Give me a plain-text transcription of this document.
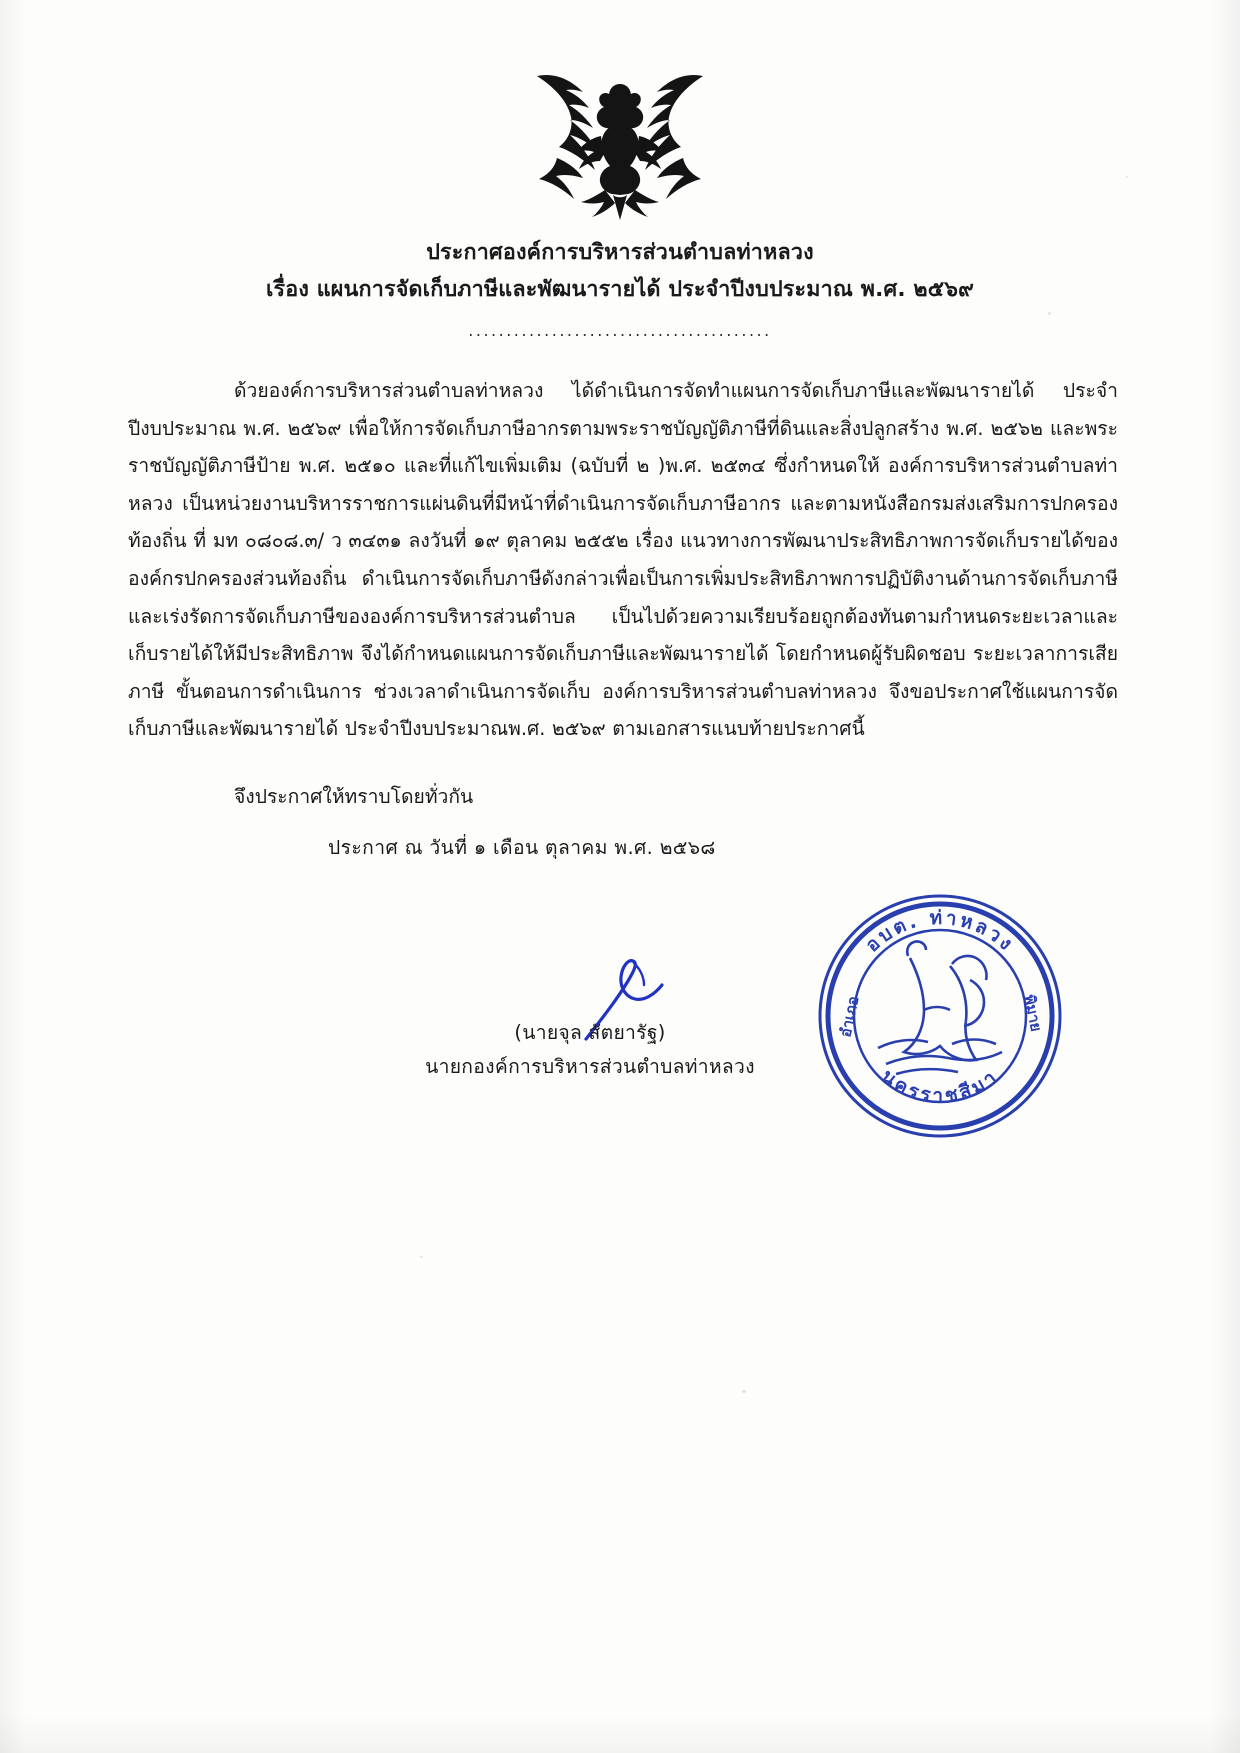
ประกาศองค์การบริหารส่วนตำบลท่าหลวง
เรื่อง แผนการจัดเก็บภาษีและพัฒนารายได้ ประจำปีงบประมาณ พ.ศ. ๒๕๖๙
........................................
ด้วยองค์การบริหารส่วนตำบลท่าหลวง ได้ดำเนินการจัดทำแผนการจัดเก็บภาษีและพัฒนารายได้ ประจำปีงบประมาณ พ.ศ. ๒๕๖๙ เพื่อให้การจัดเก็บภาษีอากรตามพระราชบัญญัติภาษีที่ดินและสิ่งปลูกสร้าง พ.ศ. ๒๕๖๒ และพระราชบัญญัติภาษีป้าย พ.ศ. ๒๕๑๐ และที่แก้ไขเพิ่มเติม (ฉบับที่ ๒ )พ.ศ. ๒๕๓๔ ซึ่งกำหนดให้ องค์การบริหารส่วนตำบลท่าหลวง เป็นหน่วยงานบริหารราชการแผ่นดินที่มีหน้าที่ดำเนินการจัดเก็บภาษีอากร และตามหนังสือกรมส่งเสริมการปกครองท้องถิ่น ที่ มท ๐๘๐๘.๓/ ว ๓๔๓๑ ลงวันที่ ๑๙ ตุลาคม ๒๕๕๒ เรื่อง แนวทางการพัฒนาประสิทธิภาพการจัดเก็บรายได้ขององค์กรปกครองส่วนท้องถิ่น ดำเนินการจัดเก็บภาษีดังกล่าวเพื่อเป็นการเพิ่มประสิทธิภาพการปฏิบัติงานด้านการจัดเก็บภาษีและเร่งรัดการจัดเก็บภาษีขององค์การบริหารส่วนตำบล เป็นไปด้วยความเรียบร้อยถูกต้องทันตามกำหนดระยะเวลาและเก็บรายได้ให้มีประสิทธิภาพ จึงได้กำหนดแผนการจัดเก็บภาษีและพัฒนารายได้ โดยกำหนดผู้รับผิดชอบ ระยะเวลาการเสียภาษี ขั้นตอนการดำเนินการ ช่วงเวลาดำเนินการจัดเก็บ องค์การบริหารส่วนตำบลท่าหลวง จึงขอประกาศใช้แผนการจัดเก็บภาษีและพัฒนารายได้ ประจำปีงบประมาณพ.ศ. ๒๕๖๙ ตามเอกสารแนบท้ายประกาศนี้
จึงประกาศให้ทราบโดยทั่วกัน
ประกาศ ณ วันที่ ๑ เดือน ตุลาคม พ.ศ. ๒๕๖๘
(นายจุล สัตยารัฐ)
นายกองค์การบริหารส่วนตำบลท่าหลวง
อบต. ท่าหลวง
นครราชสีมา
อำเภอ	พิมาย
